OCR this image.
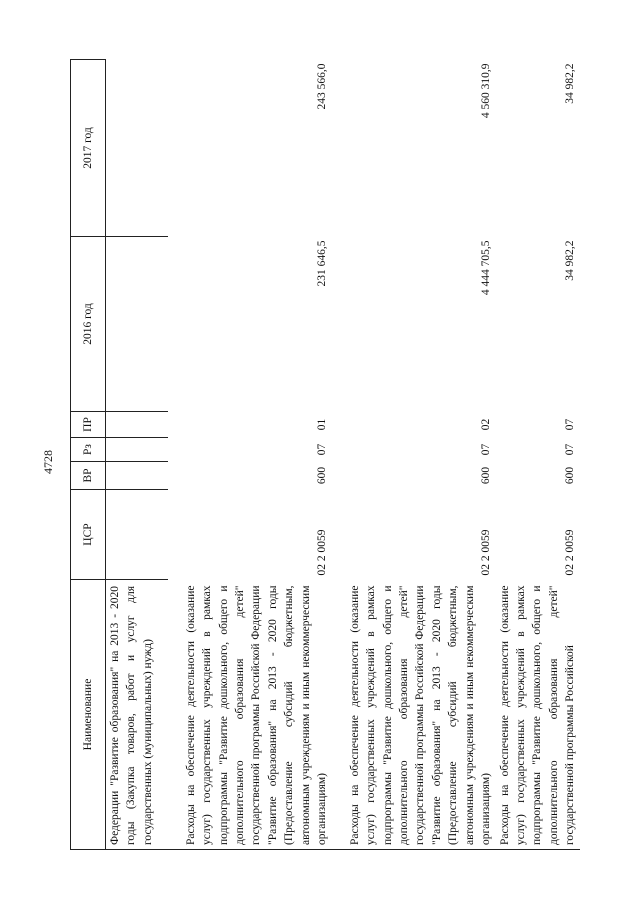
4728
Наименование	ЦСР	ВР	Рз	ПР	2016 год	2017 год
Федерации "Развитие образования" на 2013 - 2020 годы (Закупка товаров, работ и услуг для государственных (муниципальных) нужд)						
Расходы на обеспечение деятельности (оказание услуг) государственных учреждений в рамках подпрограммы "Развитие дошкольного, общего и дополнительного образования детей" государственной программы Российской Федерации "Развитие образования" на 2013 - 2020 годы (Предоставление субсидий бюджетным, автономным учреждениям и иным некоммерческим организациям)	02 2 0059	600	07	01	231 646,5	243 566,0
Расходы на обеспечение деятельности (оказание услуг) государственных учреждений в рамках подпрограммы "Развитие дошкольного, общего и дополнительного образования детей" государственной программы Российской Федерации "Развитие образования" на 2013 - 2020 годы (Предоставление субсидий бюджетным, автономным учреждениям и иным некоммерческим организациям)	02 2 0059	600	07	02	4 444 705,5	4 560 310,9
Расходы на обеспечение деятельности (оказание услуг) государственных учреждений в рамках подпрограммы "Развитие дошкольного, общего и дополнительного образования детей" государственной программы Российской	02 2 0059	600	07	07	34 982,2	34 982,2
